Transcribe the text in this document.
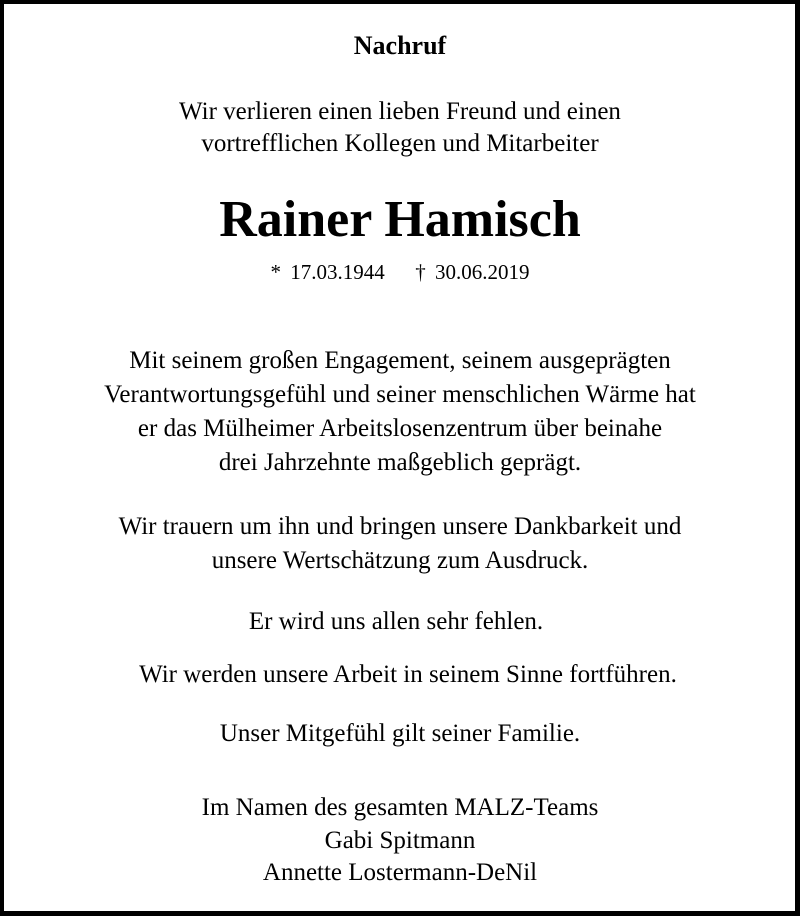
Nachruf
Wir verlieren einen lieben Freund und einen
vortrefflichen Kollegen und Mitarbeiter
Rainer Hamisch
* 17.03.1944 † 30.06.2019
Mit seinem großen Engagement, seinem ausgeprägten
Verantwortungsgefühl und seiner menschlichen Wärme hat
er das Mülheimer Arbeitslosenzentrum über beinahe
drei Jahrzehnte maßgeblich geprägt.
Wir trauern um ihn und bringen unsere Dankbarkeit und
unsere Wertschätzung zum Ausdruck.
Er wird uns allen sehr fehlen.
Wir werden unsere Arbeit in seinem Sinne fortführen.
Unser Mitgefühl gilt seiner Familie.
Im Namen des gesamten MALZ-Teams
Gabi Spitmann
Annette Lostermann-DeNil
